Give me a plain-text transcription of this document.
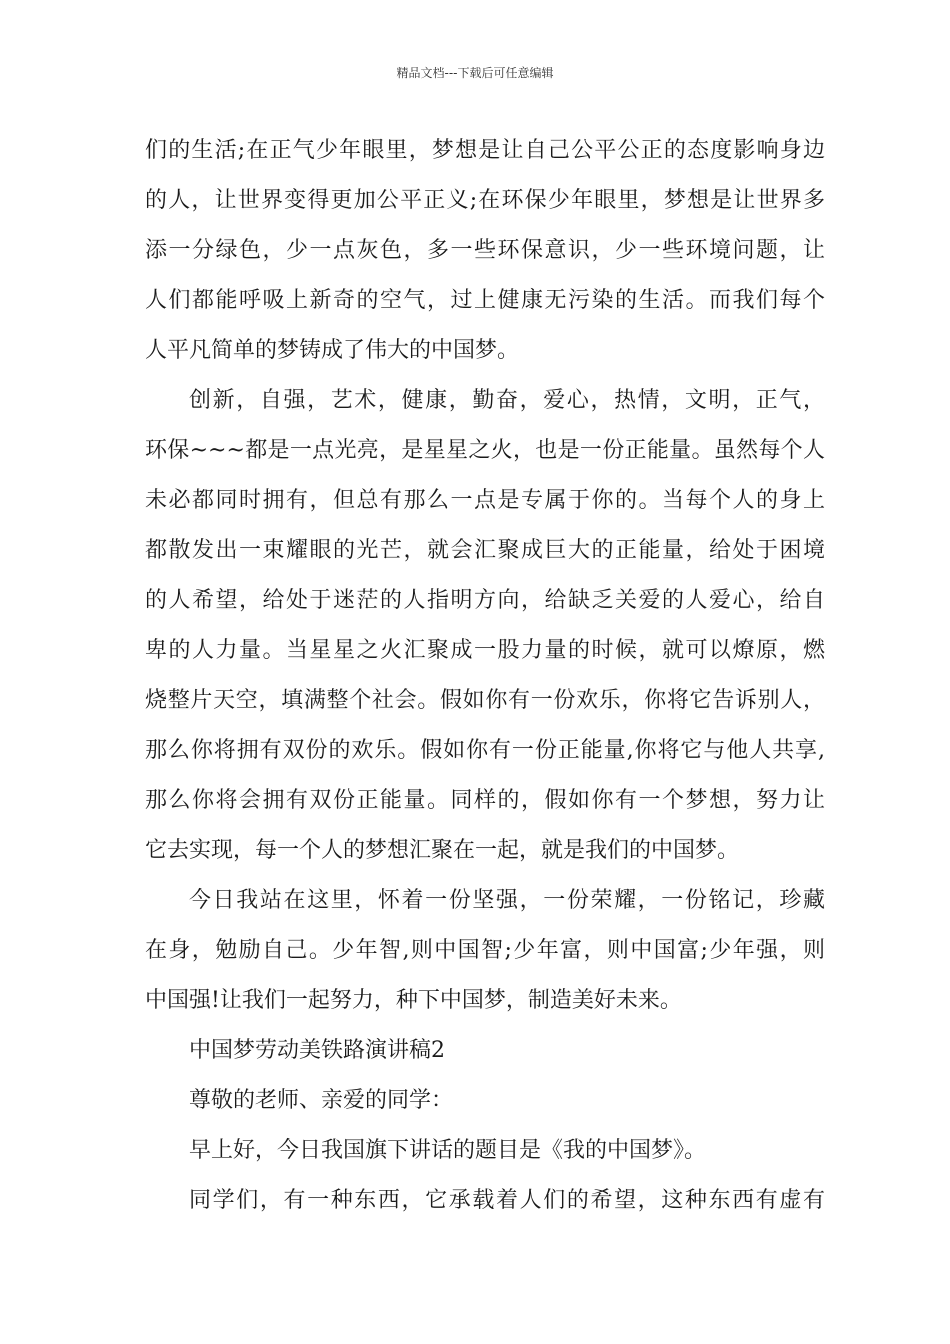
精品文档---下载后可任意编辑
们的生活;在正气少年眼里，梦想是让自己公平公正的态度影响身边
的人，让世界变得更加公平正义;在环保少年眼里，梦想是让世界多
添一分绿色，少一点灰色，多一些环保意识，少一些环境问题，让
人们都能呼吸上新奇的空气，过上健康无污染的生活。而我们每个
人平凡简单的梦铸成了伟大的中国梦。
创新，自强，艺术，健康，勤奋，爱心，热情，文明，正气，
环保~~~都是一点光亮，是星星之火，也是一份正能量。虽然每个人
未必都同时拥有，但总有那么一点是专属于你的。当每个人的身上
都散发出一束耀眼的光芒，就会汇聚成巨大的正能量，给处于困境
的人希望，给处于迷茫的人指明方向，给缺乏关爱的人爱心，给自
卑的人力量。当星星之火汇聚成一股力量的时候，就可以燎原，燃
烧整片天空，填满整个社会。假如你有一份欢乐，你将它告诉别人，
那么你将拥有双份的欢乐。假如你有一份正能量,你将它与他人共享,
那么你将会拥有双份正能量。同样的，假如你有一个梦想，努力让
它去实现，每一个人的梦想汇聚在一起，就是我们的中国梦。
今日我站在这里，怀着一份坚强，一份荣耀，一份铭记，珍藏
在身，勉励自己。少年智,则中国智;少年富，则中国富;少年强，则
中国强!让我们一起努力，种下中国梦，制造美好未来。
中国梦劳动美铁路演讲稿2
尊敬的老师、亲爱的同学：
早上好，今日我国旗下讲话的题目是《我的中国梦》。
同学们，有一种东西，它承载着人们的希望，这种东西有虚有
